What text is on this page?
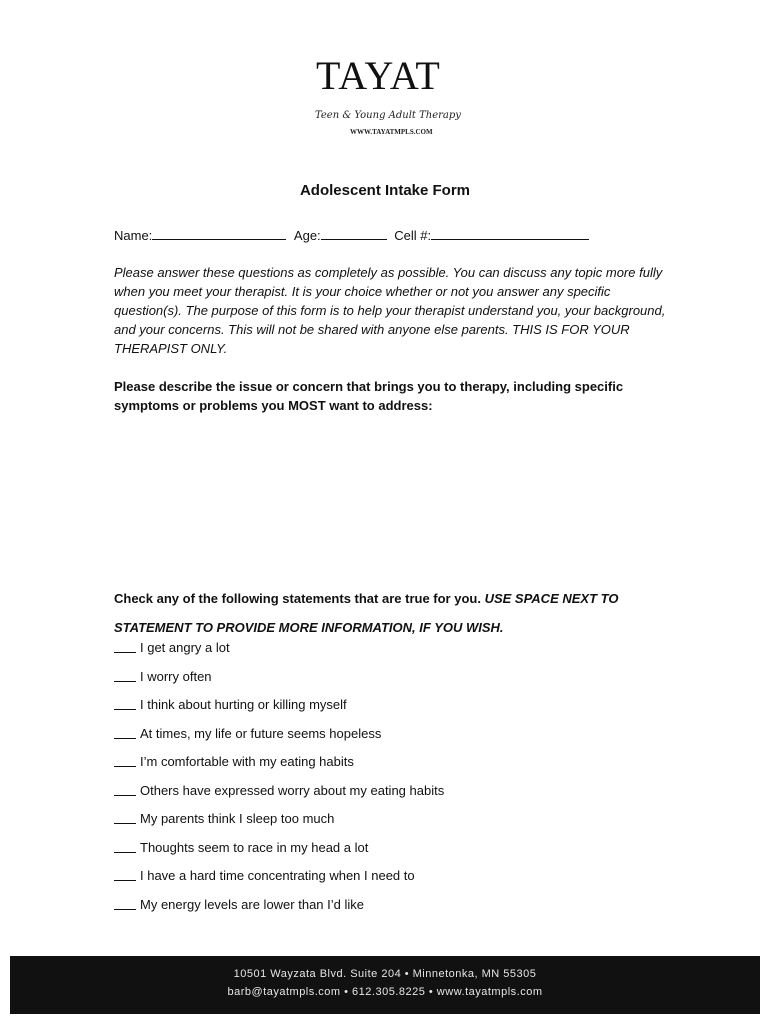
TAYAT
Teen & Young Adult Therapy
WWW.TAYATMPLS.COM
Adolescent Intake Form
Name:	Age:	Cell #:
Please answer these questions as completely as possible. You can discuss any topic more fully when you meet your therapist. It is your choice whether or not you answer any specific question(s). The purpose of this form is to help your therapist understand you, your background, and your concerns. This will not be shared with anyone else parents. THIS IS FOR YOUR THERAPIST ONLY.
Please describe the issue or concern that brings you to therapy, including specific symptoms or problems you MOST want to address:
Check any of the following statements that are true for you. USE SPACE NEXT TO STATEMENT TO PROVIDE MORE INFORMATION, IF YOU WISH.
I get angry a lot
I worry often
I think about hurting or killing myself
At times, my life or future seems hopeless
I’m comfortable with my eating habits
Others have expressed worry about my eating habits
My parents think I sleep too much
Thoughts seem to race in my head a lot
I have a hard time concentrating when I need to
My energy levels are lower than I’d like
10501 Wayzata Blvd. Suite 204 • Minnetonka, MN 55305
barb@tayatmpls.com • 612.305.8225 • www.tayatmpls.com
